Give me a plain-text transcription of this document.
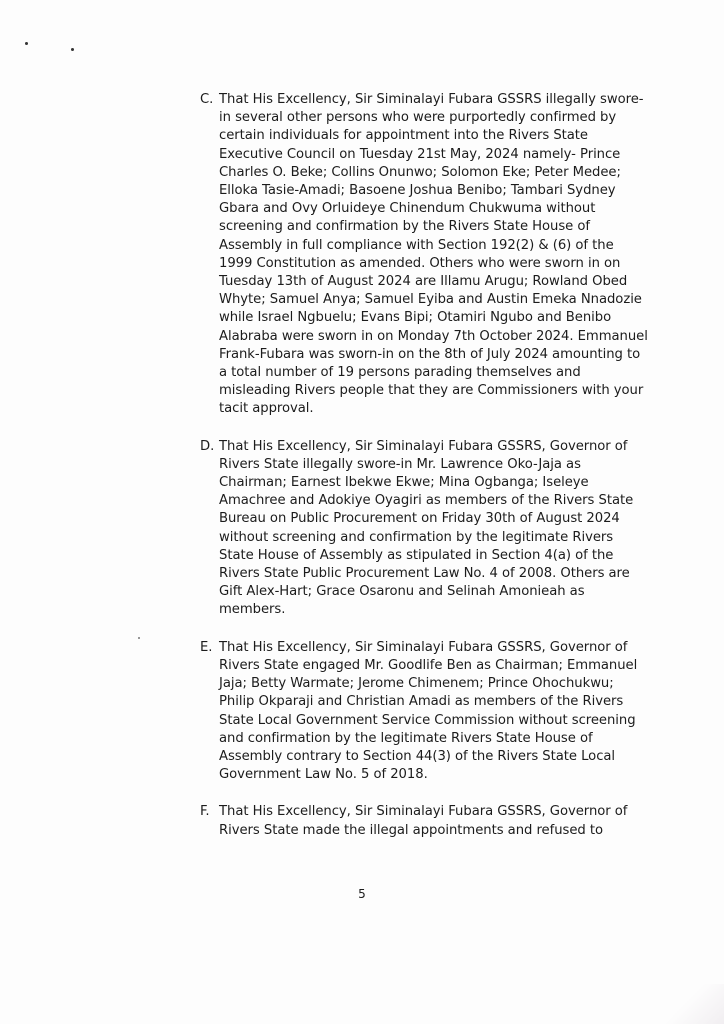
C. That His Excellency, Sir Siminalayi Fubara GSSRS illegally swore-in several other persons who were purportedly confirmed by certain individuals for appointment into the Rivers State Executive Council on Tuesday 21st May, 2024 namely- Prince Charles O. Beke; Collins Onunwo; Solomon Eke; Peter Medee; Elloka Tasie-Amadi; Basoene Joshua Benibo; Tambari Sydney Gbara and Ovy Orluideye Chinendum Chukwuma without screening and confirmation by the Rivers State House of Assembly in full compliance with Section 192(2) & (6) of the 1999 Constitution as amended. Others who were sworn in on Tuesday 13th of August 2024 are Illamu Arugu; Rowland Obed Whyte; Samuel Anya; Samuel Eyiba and Austin Emeka Nnadozie while Israel Ngbuelu; Evans Bipi; Otamiri Ngubo and Benibo Alabraba were sworn in on Monday 7th October 2024. Emmanuel Frank-Fubara was sworn-in on the 8th of July 2024 amounting to a total number of 19 persons parading themselves and misleading Rivers people that they are Commissioners with your tacit approval.
D. That His Excellency, Sir Siminalayi Fubara GSSRS, Governor of Rivers State illegally swore-in Mr. Lawrence Oko-Jaja as Chairman; Earnest Ibekwe Ekwe; Mina Ogbanga; Iseleye Amachree and Adokiye Oyagiri as members of the Rivers State Bureau on Public Procurement on Friday 30th of August 2024 without screening and confirmation by the legitimate Rivers State House of Assembly as stipulated in Section 4(a) of the Rivers State Public Procurement Law No. 4 of 2008. Others are Gift Alex-Hart; Grace Osaronu and Selinah Amonieah as members.
E. That His Excellency, Sir Siminalayi Fubara GSSRS, Governor of Rivers State engaged Mr. Goodlife Ben as Chairman; Emmanuel Jaja; Betty Warmate; Jerome Chimenem; Prince Ohochukwu; Philip Okparaji and Christian Amadi as members of the Rivers State Local Government Service Commission without screening and confirmation by the legitimate Rivers State House of Assembly contrary to Section 44(3) of the Rivers State Local Government Law No. 5 of 2018.
F. That His Excellency, Sir Siminalayi Fubara GSSRS, Governor of Rivers State made the illegal appointments and refused to
5
